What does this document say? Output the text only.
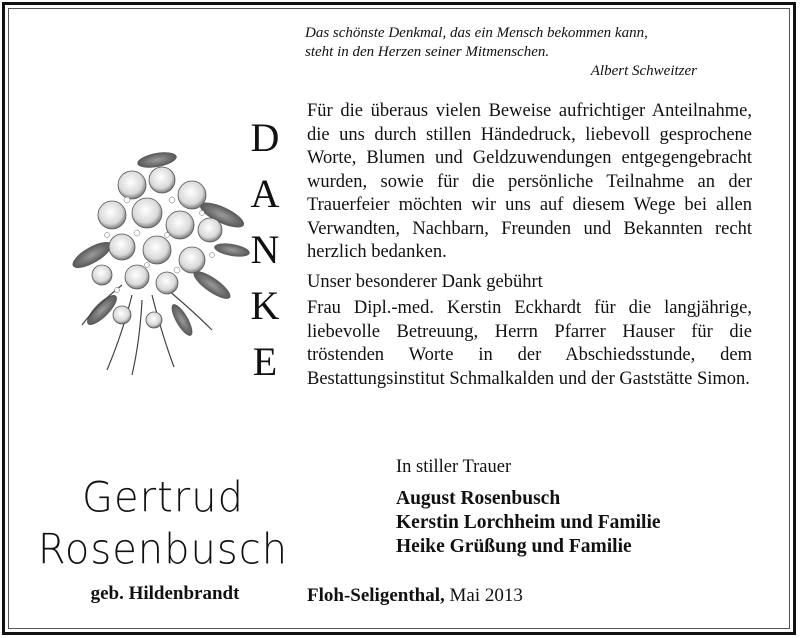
Das schönste Denkmal, das ein Mensch bekommen kann,
steht in den Herzen seiner Mitmenschen.

Albert Schweitzer
D
A
N
K
E

Für die überaus vielen Beweise aufrichtiger Anteilnahme, die uns durch stillen Händedruck, liebevoll gesprochene Worte, Blumen und Geldzuwendungen entgegengebracht wurden, sowie für die persönliche Teilnahme an der Trauerfeier möchten wir uns auf diesem Wege bei allen Verwandten, Nachbarn, Freunden und Bekannten recht herzlich bedanken.

Unser besonderer Dank gebührt

Frau Dipl.-med. Kerstin Eckhardt für die langjährige, liebevolle Betreuung, Herrn Pfarrer Hauser für die tröstenden Worte in der Abschiedsstunde, dem Bestattungsinstitut Schmalkalden und der Gaststätte Simon.

Gertrud
Rosenbusch
geb. Hildenbrandt
In stiller Trauer
August Rosenbusch
Kerstin Lorchheim und Familie
Heike Grüßung und Familie
Floh-Seligenthal, Mai 2013
